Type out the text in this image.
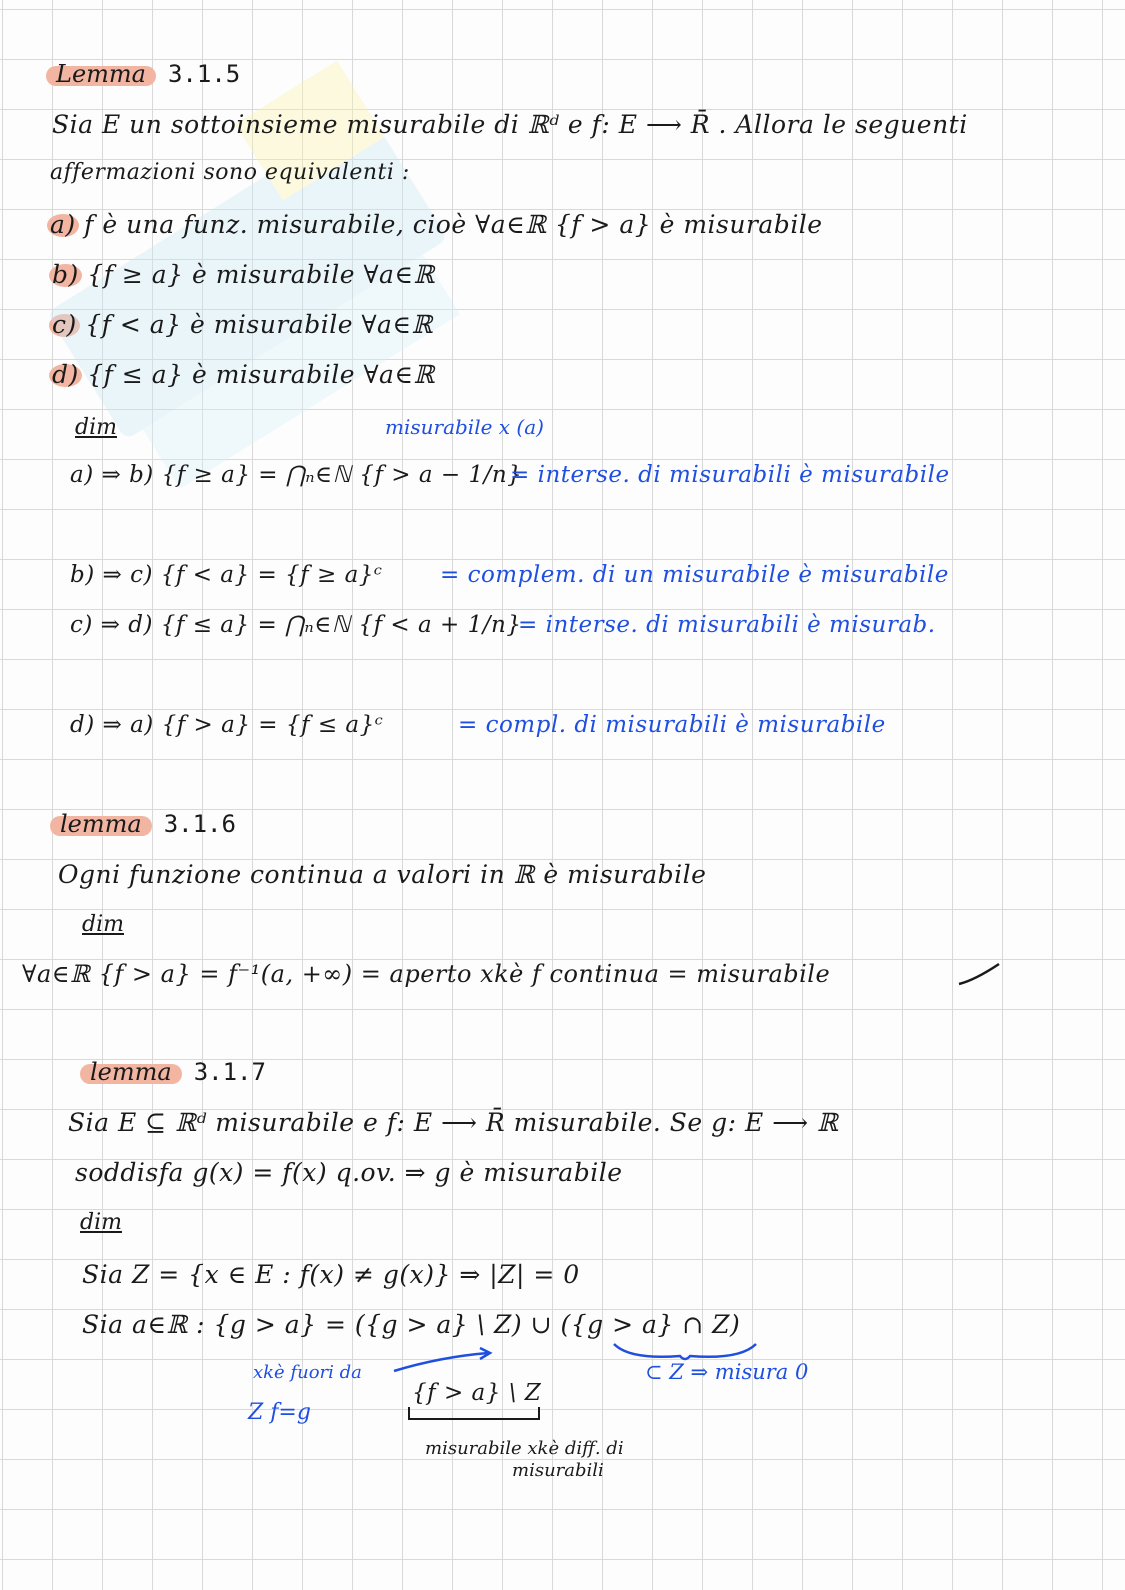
Lemma 3.1.5
Sia E un sottoinsieme misurabile di ℝᵈ e f: E ⟶ R̄ . Allora le seguenti
affermazioni sono equivalenti :
a) f è una funz. misurabile, cioè ∀a∈ℝ {f > a} è misurabile
b) {f ≥ a} è misurabile ∀a∈ℝ
c) {f < a} è misurabile ∀a∈ℝ
d) {f ≤ a} è misurabile ∀a∈ℝ
dim	misurabile x (a)
a) ⇒ b) {f ≥ a} = ⋂ₙ∈ℕ {f > a − 1/n}
= interse. di misurabili è misurabile
b) ⇒ c) {f < a} = {f ≥ a}ᶜ = complem. di un misurabile è misurabile
c) ⇒ d) {f ≤ a} = ⋂ₙ∈ℕ {f < a + 1/n}
= interse. di misurabili è misurab.
d) ⇒ a) {f > a} = {f ≤ a}ᶜ	= compl. di misurabili è misurabile
lemma 3.1.6
Ogni funzione continua a valori in ℝ è misurabile
dim
∀a∈ℝ {f > a} = f⁻¹(a, +∞) = aperto xkè f continua = misurabile
lemma 3.1.7
Sia E ⊆ ℝᵈ misurabile e f: E ⟶ R̄ misurabile. Se g: E ⟶ ℝ
soddisfa g(x) = f(x) q.ov. ⇒ g è misurabile
dim
Sia Z = {x ∈ E : f(x) ≠ g(x)} ⇒ |Z| = 0
Sia a∈ℝ : {g > a} = ({g > a} \ Z) ∪ ({g > a} ∩ Z)
xkè fuori da
Z f=g
{f > a} \ Z
⊂ Z ⇒ misura 0
misurabile xkè diff. di
misurabili
